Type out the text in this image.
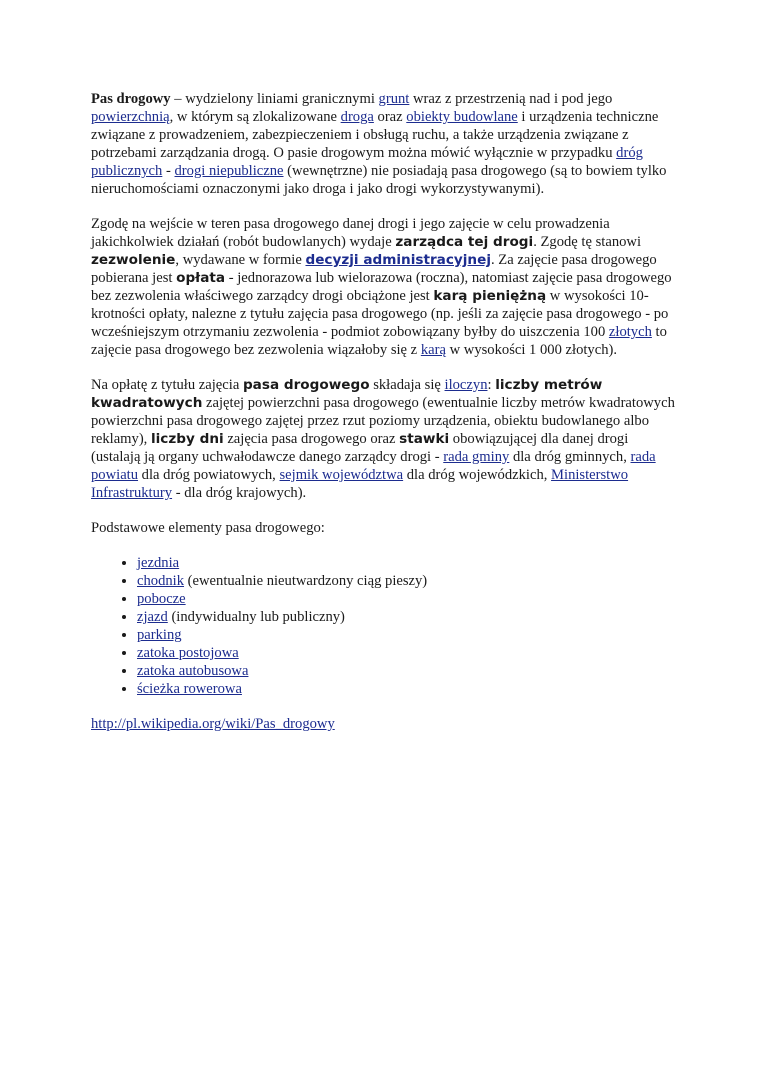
Pas drogowy – wydzielony liniami granicznymi grunt wraz z przestrzenią nad i pod jego powierzchnią, w którym są zlokalizowane droga oraz obiekty budowlane i urządzenia techniczne związane z prowadzeniem, zabezpieczeniem i obsługą ruchu, a także urządzenia związane z potrzebami zarządzania drogą. O pasie drogowym można mówić wyłącznie w przypadku dróg publicznych - drogi niepubliczne (wewnętrzne) nie posiadają pasa drogowego (są to bowiem tylko nieruchomościami oznaczonymi jako droga i jako drogi wykorzystywanymi).

Zgodę na wejście w teren pasa drogowego danej drogi i jego zajęcie w celu prowadzenia jakichkolwiek działań (robót budowlanych) wydaje zarządca tej drogi. Zgodę tę stanowi zezwolenie, wydawane w formie decyzji administracyjnej. Za zajęcie pasa drogowego pobierana jest opłata - jednorazowa lub wielorazowa (roczna), natomiast zajęcie pasa drogowego bez zezwolenia właściwego zarządcy drogi obciążone jest karą pieniężną w wysokości 10-krotności opłaty, nalezne z tytułu zajęcia pasa drogowego (np. jeśli za zajęcie pasa drogowego - po wcześniejszym otrzymaniu zezwolenia - podmiot zobowiązany byłby do uiszczenia 100 złotych to zajęcie pasa drogowego bez zezwolenia wiązałoby się z karą w wysokości 1 000 złotych).

Na opłatę z tytułu zajęcia pasa drogowego składaja się iloczyn: liczby metrów kwadratowych zajętej powierzchni pasa drogowego (ewentualnie liczby metrów kwadratowych powierzchni pasa drogowego zajętej przez rzut poziomy urządzenia, obiektu budowlanego albo reklamy), liczby dni zajęcia pasa drogowego oraz stawki obowiązującej dla danej drogi (ustalają ją organy uchwałodawcze danego zarządcy drogi - rada gminy dla dróg gminnych, rada powiatu dla dróg powiatowych, sejmik województwa dla dróg wojewódzkich, Ministerstwo Infrastruktury - dla dróg krajowych).

Podstawowe elementy pasa drogowego:

• jezdnia
• chodnik (ewentualnie nieutwardzony ciąg pieszy)
• pobocze
• zjazd (indywidualny lub publiczny)
• parking
• zatoka postojowa
• zatoka autobusowa
• ścieżka rowerowa

http://pl.wikipedia.org/wiki/Pas_drogowy
